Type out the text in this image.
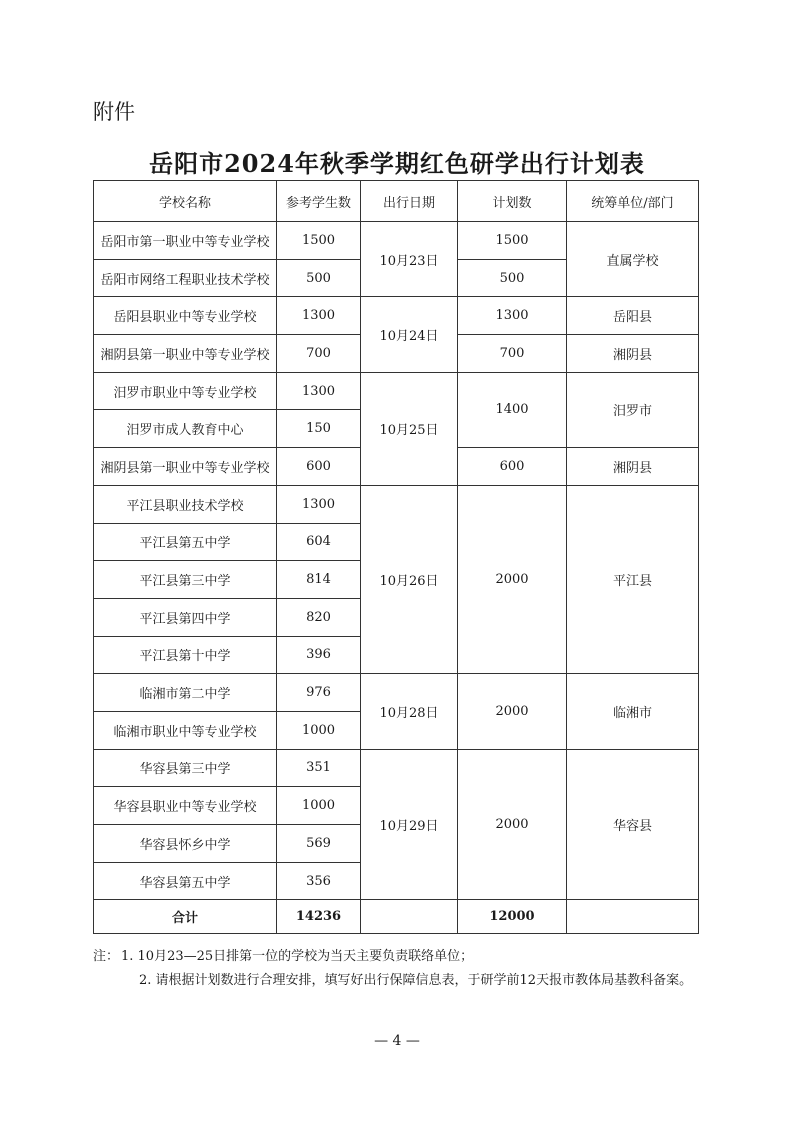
附件
岳阳市2024年秋季学期红色研学出行计划表
学校名称	参考学生数	出行日期	计划数	统筹单位/部门
岳阳市第一职业中等专业学校	1500	10月23日	1500	直属学校
岳阳市网络工程职业技术学校	500		500	
岳阳县职业中等专业学校	1300	10月24日	1300	岳阳县
湘阴县第一职业中等专业学校	700		700	湘阴县
汨罗市职业中等专业学校	1300	10月25日	1400	汨罗市
汨罗市成人教育中心	150			
湘阴县第一职业中等专业学校	600		600	湘阴县
平江县职业技术学校	1300	10月26日	2000	平江县
平江县第五中学	604			
平江县第三中学	814			
平江县第四中学	820			
平江县第十中学	396			
临湘市第二中学	976	10月28日	2000	临湘市
临湘市职业中等专业学校	1000			
华容县第三中学	351	10月29日	2000	华容县
华容县职业中等专业学校	1000			
华容县怀乡中学	569			
华容县第五中学	356			
合计	14236		12000	
注： 1. 10月23—25日排第一位的学校为当天主要负责联络单位；
2. 请根据计划数进行合理安排，填写好出行保障信息表，于研学前12天报市教体局基教科备案。
— 4 —
